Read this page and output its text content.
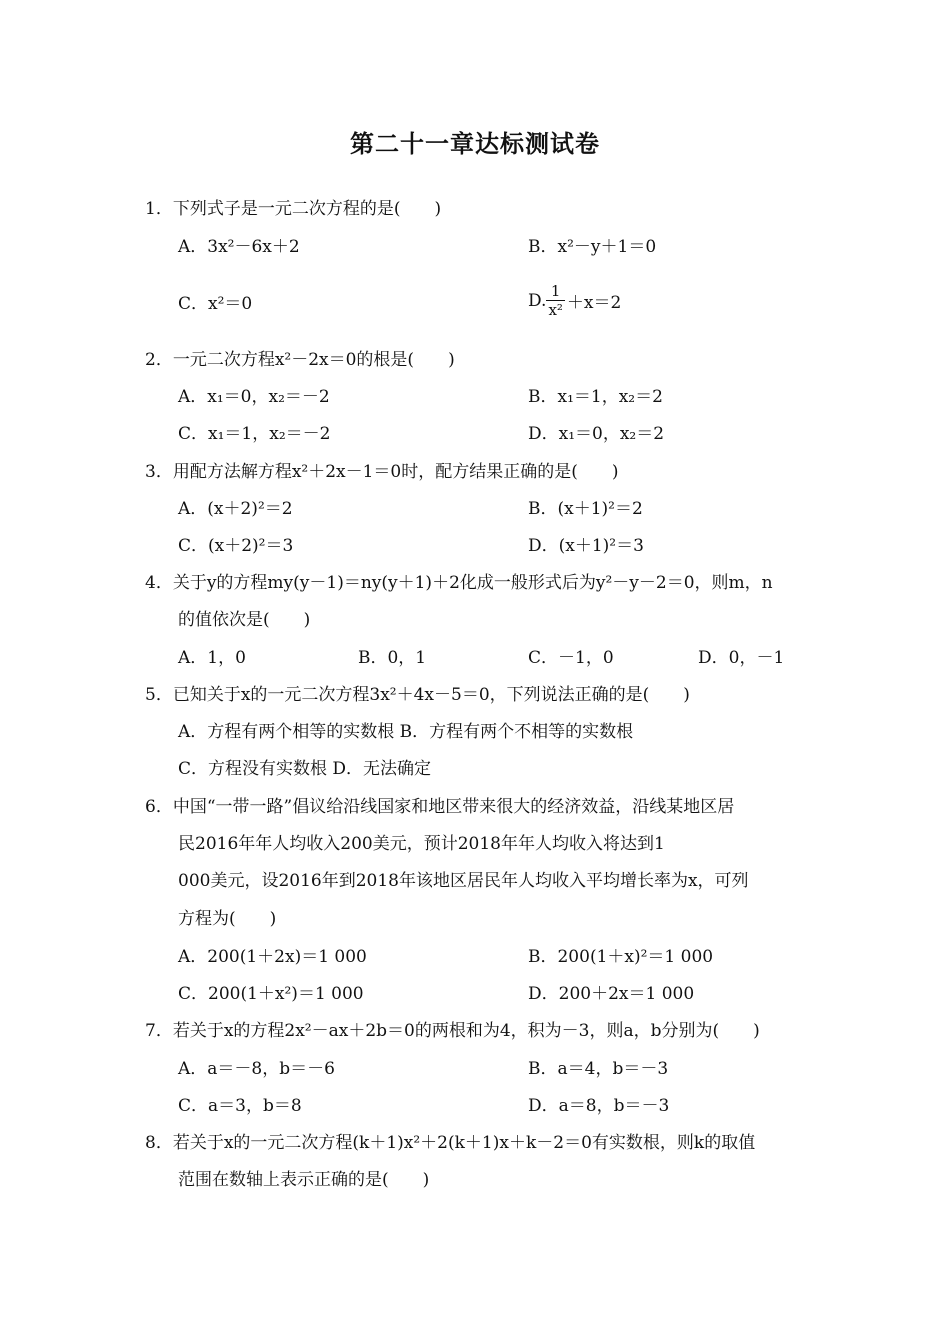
第二十一章达标测试卷
1．下列式子是一元二次方程的是(　　)
A．3x²－6x＋2	B．x²－y＋1＝0
C．x²＝0	D. $\frac{1}{\text{x²}} +x=2$
2．一元二次方程x²－2x＝0的根是(　　)
A．x₁＝0，x₂＝－2	B．x₁＝1，x₂＝2
C．x₁＝1，x₂＝－2	D．x₁＝0，x₂＝2
3．用配方法解方程x²＋2x－1＝0时，配方结果正确的是(　　)
A．(x＋2)²＝2	B．(x＋1)²＝2
C．(x＋2)²＝3	D．(x＋1)²＝3
4．关于y的方程my(y－1)＝ny(y＋1)＋2化成一般形式后为y²－y－2＝0，则m，n
的值依次是(　　)
A．1，0	B．0，1	C．－1，0	D．0，－1
5．已知关于x的一元二次方程3x²＋4x－5＝0，下列说法正确的是(　　)
A．方程有两个相等的实数根 B．方程有两个不相等的实数根
C．方程没有实数根 D．无法确定
6．中国“一带一路”倡议给沿线国家和地区带来很大的经济效益，沿线某地区居
民2016年年人均收入200美元，预计2018年年人均收入将达到1
000美元，设2016年到2018年该地区居民年人均收入平均增长率为x，可列
方程为(　　)
A．200(1＋2x)＝1 000	B．200(1＋x)²＝1 000
C．200(1＋x²)＝1 000	D．200＋2x＝1 000
7．若关于x的方程2x²－ax＋2b＝0的两根和为4，积为－3，则a，b分别为(　　)
A．a＝－8，b＝－6	B．a＝4，b＝－3
C．a＝3，b＝8	D．a＝8，b＝－3
8．若关于x的一元二次方程(k＋1)x²＋2(k＋1)x＋k－2＝0有实数根，则k的取值
范围在数轴上表示正确的是(　　)
